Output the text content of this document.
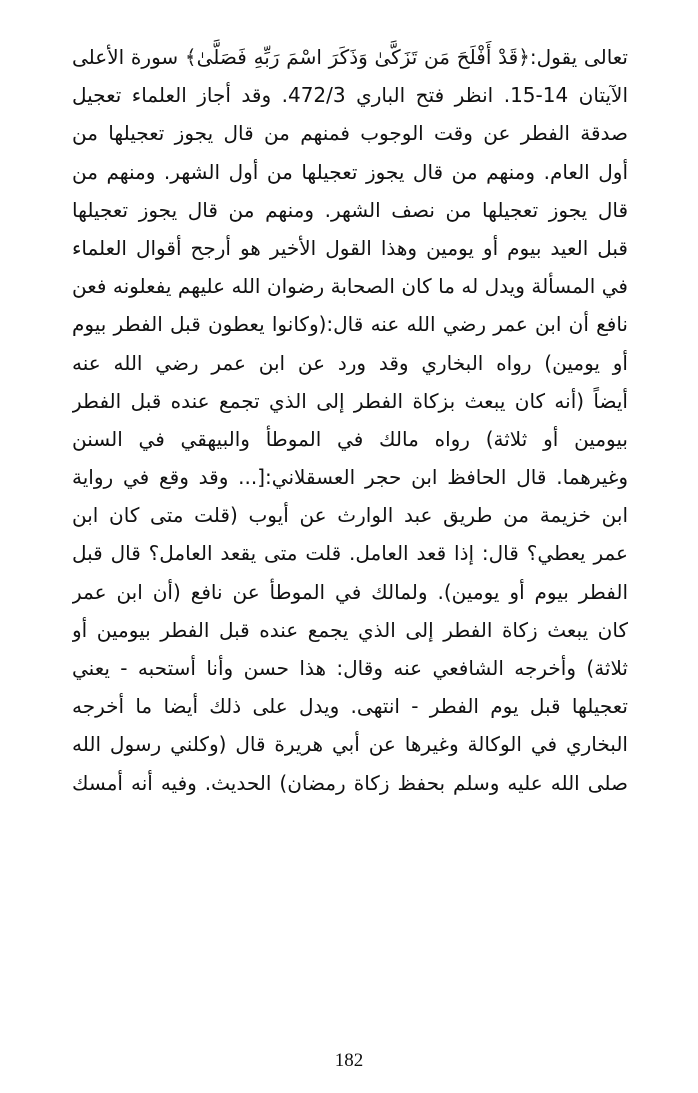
تعالى يقول:﴿قَدْ أَفْلَحَ مَن تَزَكَّىٰ وَذَكَرَ اسْمَ رَبِّهِ فَصَلَّىٰ﴾ سورة الأعلى
الآيتان 14-15. انظر فتح الباري 472/3. وقد أجاز العلماء تعجيل
صدقة الفطر عن وقت الوجوب فمنهم من قال يجوز تعجيلها من
أول العام. ومنهم من قال يجوز تعجيلها من أول الشهر. ومنهم من
قال يجوز تعجيلها من نصف الشهر. ومنهم من قال يجوز تعجيلها
قبل العيد بيوم أو يومين وهذا القول الأخير هو أرجح أقوال العلماء
في المسألة ويدل له ما كان الصحابة رضوان الله عليهم يفعلونه فعن
نافع أن ابن عمر رضي الله عنه قال:(وكانوا يعطون قبل الفطر بيوم
أو يومين) رواه البخاري وقد ورد عن ابن عمر رضي الله عنه
أيضاً (أنه كان يبعث بزكاة الفطر إلى الذي تجمع عنده قبل الفطر
بيومين أو ثلاثة) رواه مالك في الموطأ والبيهقي في السنن
وغيرهما. قال الحافظ ابن حجر العسقلاني:[... وقد وقع في رواية
ابن خزيمة من طريق عبد الوارث عن أيوب (قلت متى كان ابن
عمر يعطي؟ قال: إذا قعد العامل. قلت متى يقعد العامل؟ قال قبل
الفطر بيوم أو يومين). ولمالك في الموطأ عن نافع (أن ابن عمر
كان يبعث زكاة الفطر إلى الذي يجمع عنده قبل الفطر بيومين أو
ثلاثة) وأخرجه الشافعي عنه وقال: هذا حسن وأنا أستحبه - يعني
تعجيلها قبل يوم الفطر - انتهى. ويدل على ذلك أيضا ما أخرجه
البخاري في الوكالة وغيرها عن أبي هريرة قال (وكلني رسول الله
صلى الله عليه وسلم بحفظ زكاة رمضان) الحديث. وفيه أنه أمسك
182
